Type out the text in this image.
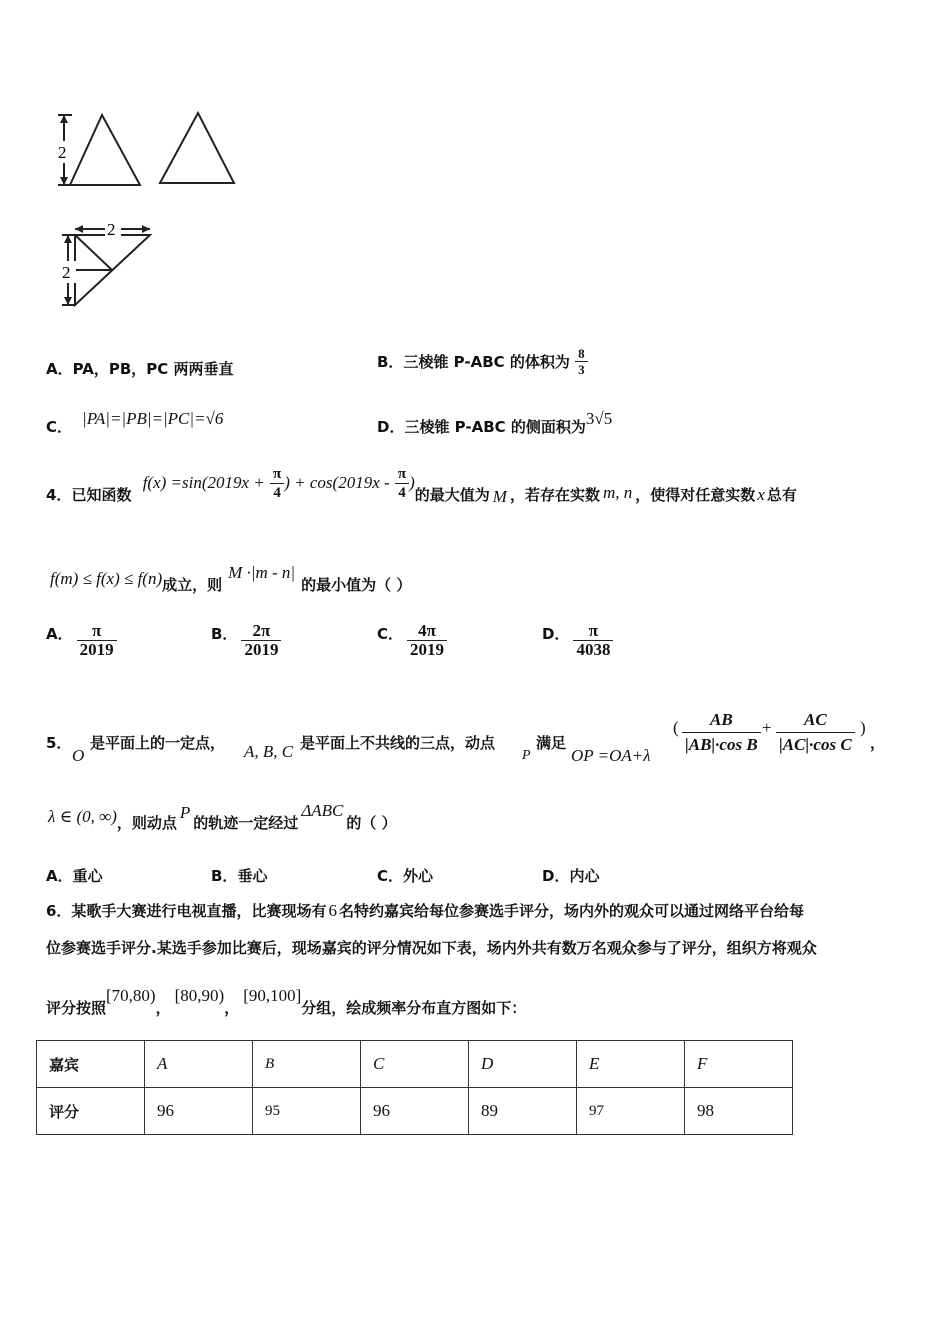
2
2
2
A．PA，PB，PC 两两垂直	B．三棱锥 P-ABC 的体积为 $\frac{8}{3}$
C． |PA|=|PB|=|PC|=√6	D．三棱锥 P-ABC 的侧面积为3√5
4．已知函数 $f(x) =\sin(2019x + \frac{\pi}{4}$ ) + $\cos(2019x - \frac{\pi}{4}$ )的最大值为 M ，若存在实数 m, n ，使得对任意实数 x 总有
f(m) ≤ f(x) ≤ f(n)成立，则M ·|m - n|的最小值为（ ）
A． $\frac{\pi}{2019}$	B． $\frac{2\pi}{2019}$	C． $\frac{4\pi}{2019}$	D． $\frac{\pi}{4038}$
5．
O
是平面上的一定点， A, B, C 是平面上不共线的三点，动点
P
满足
OP =OA+λ
( $\frac{AB}{\text{|AB|·cos B}} + \frac{AC}{\text{|AC|·cos C}}$ )
，
λ ∈ (0, ∞)，则动点P的轨迹一定经过ΔABC的（ ）
A．重心	B．垂心	C．外心	D．内心
6．某歌手大赛进行电视直播，比赛现场有 6 名特约嘉宾给每位参赛选手评分，场内外的观众可以通过网络平台给每
位参赛选手评分.某选手参加比赛后，现场嘉宾的评分情况如下表，场内外共有数万名观众参与了评分，组织方将观众
评分按照[70,80)，[80,90)，[90,100]分组，绘成频率分布直方图如下：
嘉宾	A	B	C	D	E	F
评分	96	95	96	89	97	98
